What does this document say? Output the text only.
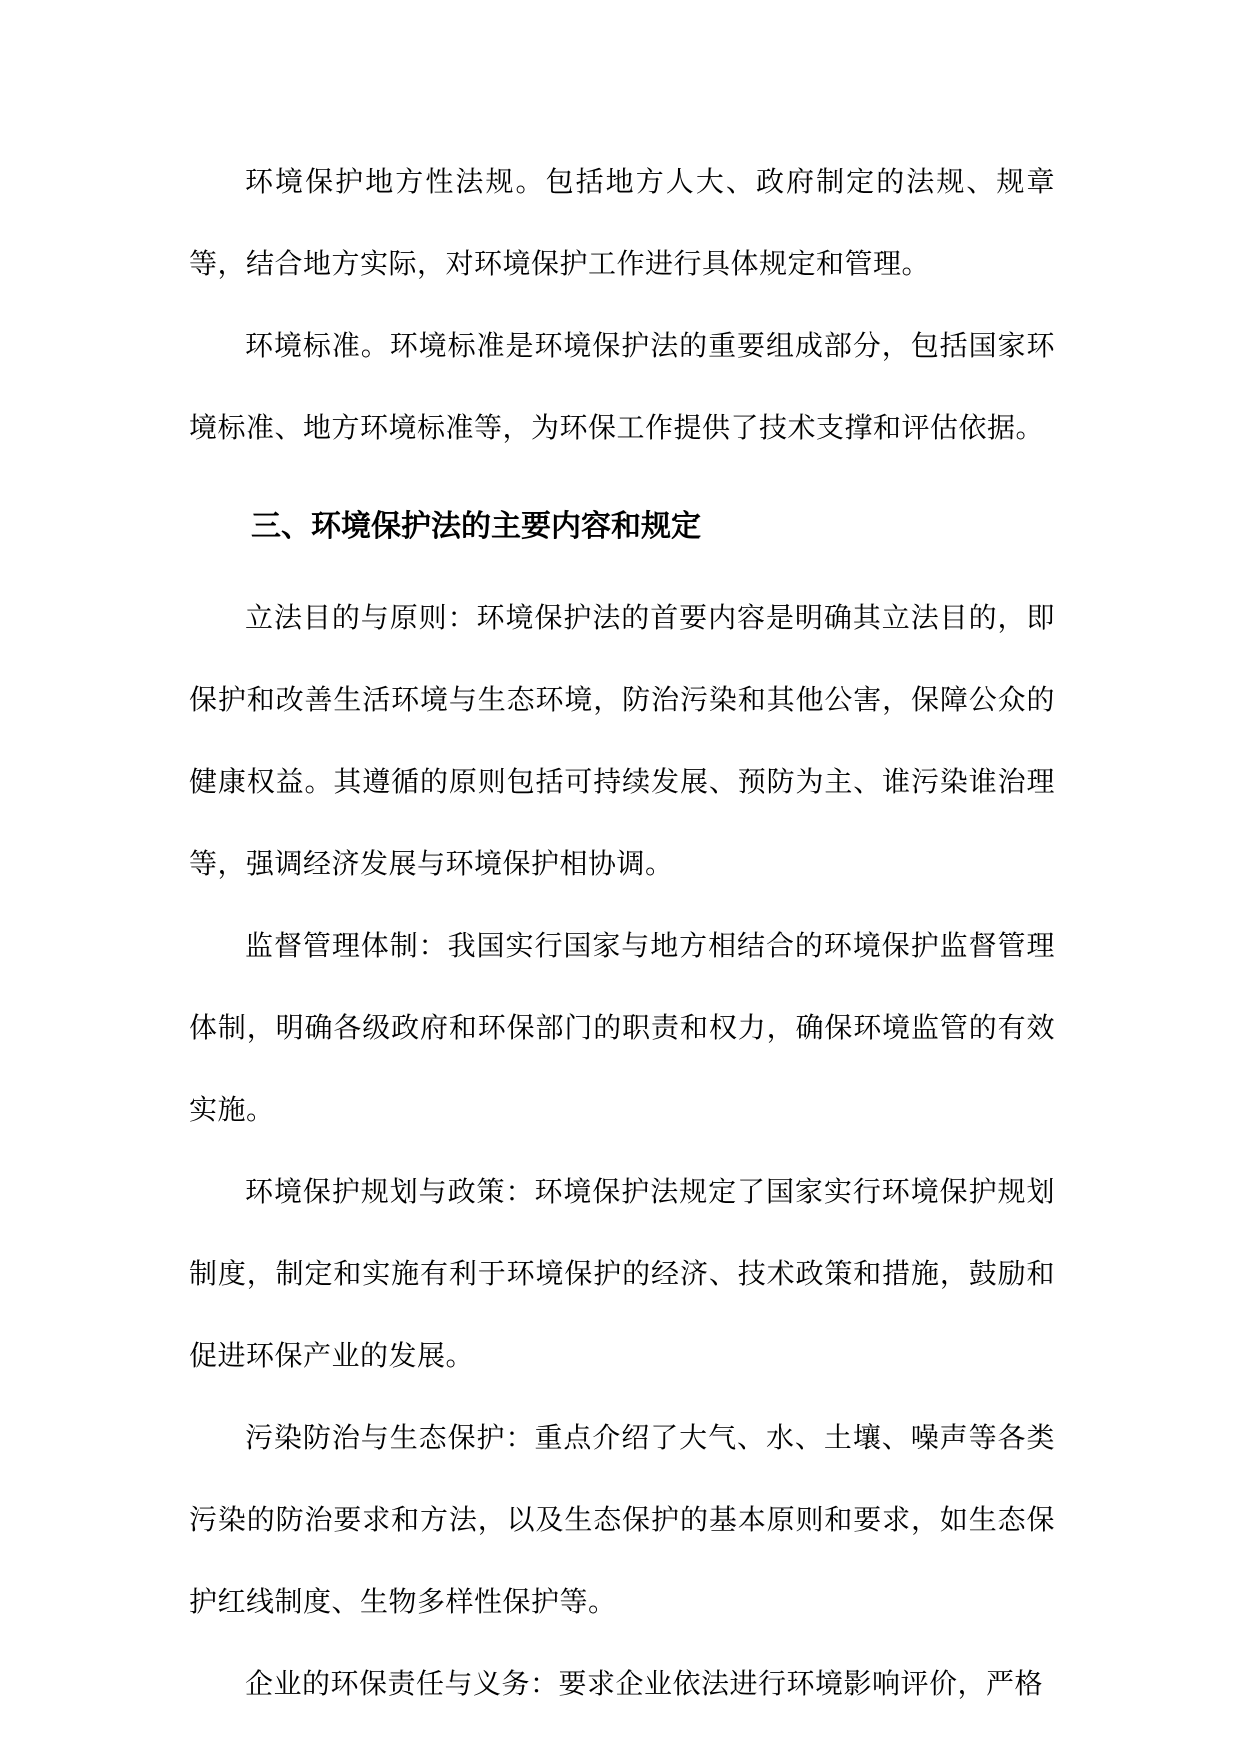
环境保护地方性法规。包括地方人大、政府制定的法规、规章等，结合地方实际，对环境保护工作进行具体规定和管理。

环境标准。环境标准是环境保护法的重要组成部分，包括国家环境标准、地方环境标准等，为环保工作提供了技术支撑和评估依据。

三、环境保护法的主要内容和规定

立法目的与原则：环境保护法的首要内容是明确其立法目的，即保护和改善生活环境与生态环境，防治污染和其他公害，保障公众的健康权益。其遵循的原则包括可持续发展、预防为主、谁污染谁治理等，强调经济发展与环境保护相协调。

监督管理体制：我国实行国家与地方相结合的环境保护监督管理体制，明确各级政府和环保部门的职责和权力，确保环境监管的有效实施。

环境保护规划与政策：环境保护法规定了国家实行环境保护规划制度，制定和实施有利于环境保护的经济、技术政策和措施，鼓励和促进环保产业的发展。

污染防治与生态保护：重点介绍了大气、水、土壤、噪声等各类污染的防治要求和方法，以及生态保护的基本原则和要求，如生态保护红线制度、生物多样性保护等。

企业的环保责任与义务：要求企业依法进行环境影响评价，严格
